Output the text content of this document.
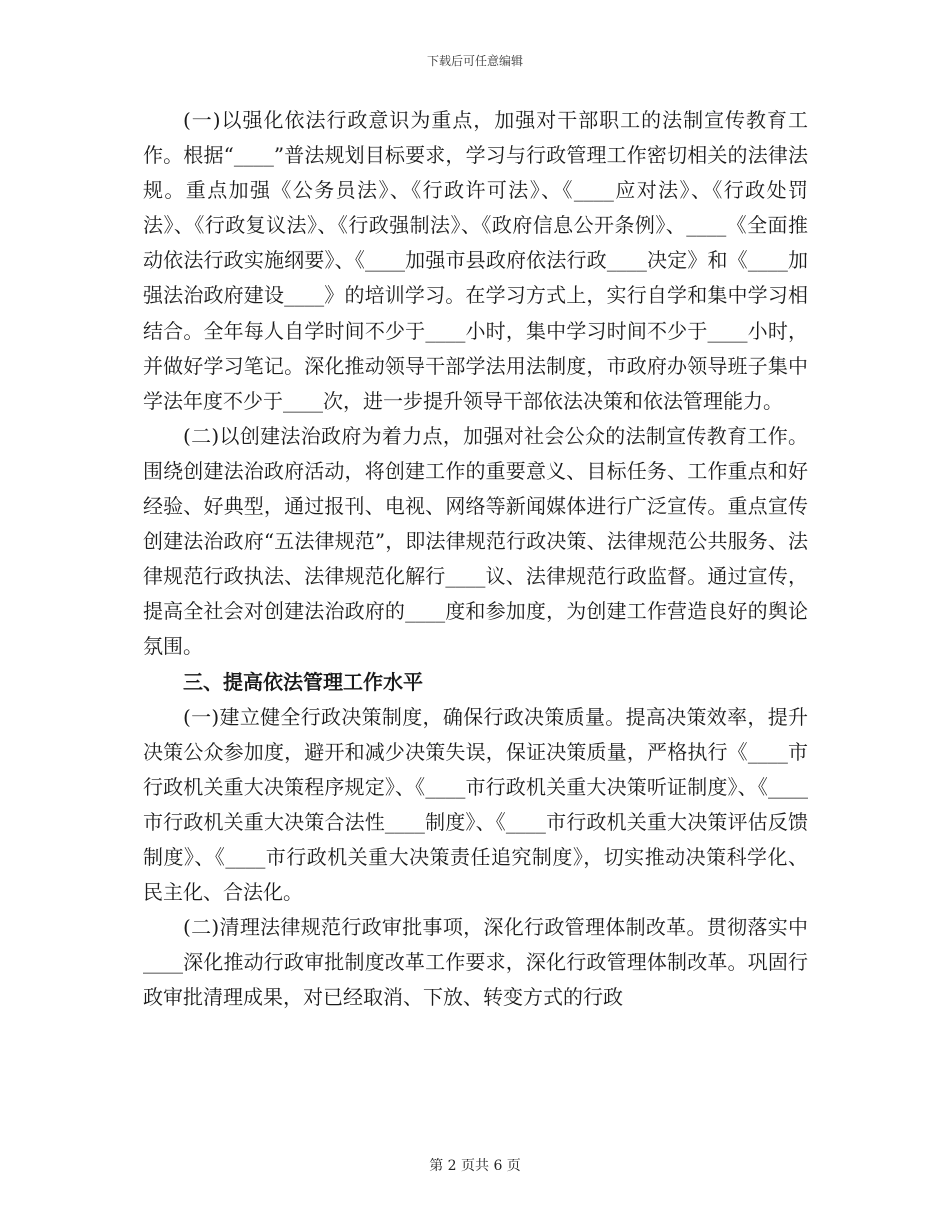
下载后可任意编辑

(一)以强化依法行政意识为重点，加强对干部职工的法制宣传教育工作。根据“____”普法规划目标要求，学习与行政管理工作密切相关的法律法规。重点加强《公务员法》、《行政许可法》、《____应对法》、《行政处罚法》、《行政复议法》、《行政强制法》、《政府信息公开条例》、____《全面推动依法行政实施纲要》、《____加强市县政府依法行政____决定》和《____加强法治政府建设____》的培训学习。在学习方式上，实行自学和集中学习相结合。全年每人自学时间不少于____小时，集中学习时间不少于____小时，并做好学习笔记。深化推动领导干部学法用法制度，市政府办领导班子集中学法年度不少于____次，进一步提升领导干部依法决策和依法管理能力。

(二)以创建法治政府为着力点，加强对社会公众的法制宣传教育工作。围绕创建法治政府活动，将创建工作的重要意义、目标任务、工作重点和好经验、好典型，通过报刊、电视、网络等新闻媒体进行广泛宣传。重点宣传创建法治政府“五法律规范”，即法律规范行政决策、法律规范公共服务、法律规范行政执法、法律规范化解行____议、法律规范行政监督。通过宣传，提高全社会对创建法治政府的____度和参加度，为创建工作营造良好的舆论氛围。

三、提高依法管理工作水平

(一)建立健全行政决策制度，确保行政决策质量。提高决策效率，提升决策公众参加度，避开和减少决策失误，保证决策质量，严格执行《____市行政机关重大决策程序规定》、《____市行政机关重大决策听证制度》、《____市行政机关重大决策合法性____制度》、《____市行政机关重大决策评估反馈制度》、《____市行政机关重大决策责任追究制度》，切实推动决策科学化、民主化、合法化。

(二)清理法律规范行政审批事项，深化行政管理体制改革。贯彻落实中____深化推动行政审批制度改革工作要求，深化行政管理体制改革。巩固行政审批清理成果，对已经取消、下放、转变方式的行政

第 2 页共 6 页
